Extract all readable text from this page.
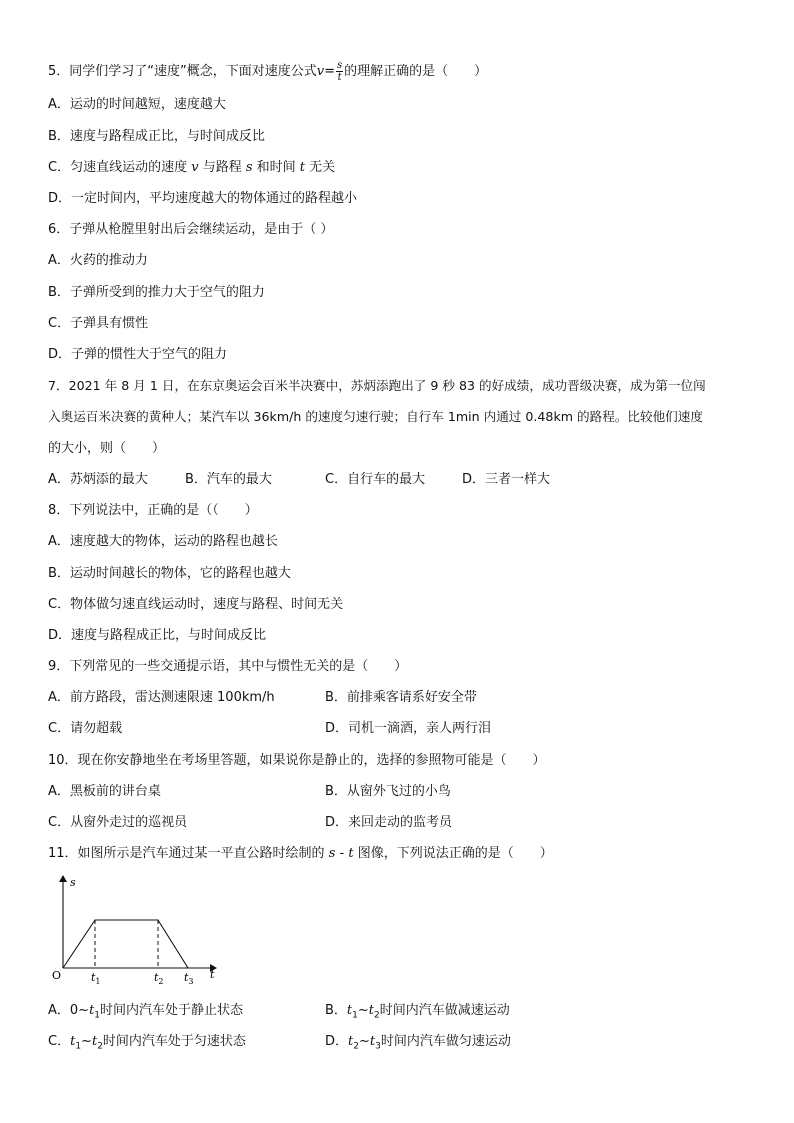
5．同学们学习了“速度”概念，下面对速度公式$v= \frac{s}{t}$ 的理解正确的是（　　）
A．运动的时间越短，速度越大
B．速度与路程成正比，与时间成反比
C．匀速直线运动的速度 v 与路程 s 和时间 t 无关
D．一定时间内，平均速度越大的物体通过的路程越小
6．子弹从枪膛里射出后会继续运动，是由于（ ）
A．火药的推动力
B．子弹所受到的推力大于空气的阻力
C．子弹具有惯性
D．子弹的惯性大于空气的阻力
7．2021 年 8 月 1 日，在东京奥运会百米半决赛中，苏炳添跑出了 9 秒 83 的好成绩，成功晋级决赛，成为第一位闯
入奥运百米决赛的黄种人；某汽车以 36km/h 的速度匀速行驶；自行车 1min 内通过 0.48km 的路程。比较他们速度
的大小，则（　　）
A．苏炳添的最大	B．汽车的最大	C．自行车的最大	D．三者一样大
8．下列说法中，正确的是（（　　）
A．速度越大的物体，运动的路程也越长
B．运动时间越长的物体，它的路程也越大
C．物体做匀速直线运动时，速度与路程、时间无关
D．速度与路程成正比，与时间成反比
9．下列常见的一些交通提示语，其中与惯性无关的是（　　）
A．前方路段，雷达测速限速 100km/h	B．前排乘客请系好安全带
C．请勿超载	D．司机一滴酒，亲人两行泪
10．现在你安静地坐在考场里答题，如果说你是静止的，选择的参照物可能是（　　）
A．黑板前的讲台桌	B．从窗外飞过的小鸟
C．从窗外走过的巡视员	D．来回走动的监考员
11．如图所示是汽车通过某一平直公路时绘制的 s - t 图像，下列说法正确的是（　　）
s
t
O	$t_1$	$t_2$ $t_3$
A．$0\sim t_1$时间内汽车处于静止状态	B．$t_1\sim t_2$时间内汽车做减速运动
C．$t_1\sim t_2$时间内汽车处于匀速状态	D．$t_2\sim t_3$时间内汽车做匀速运动
